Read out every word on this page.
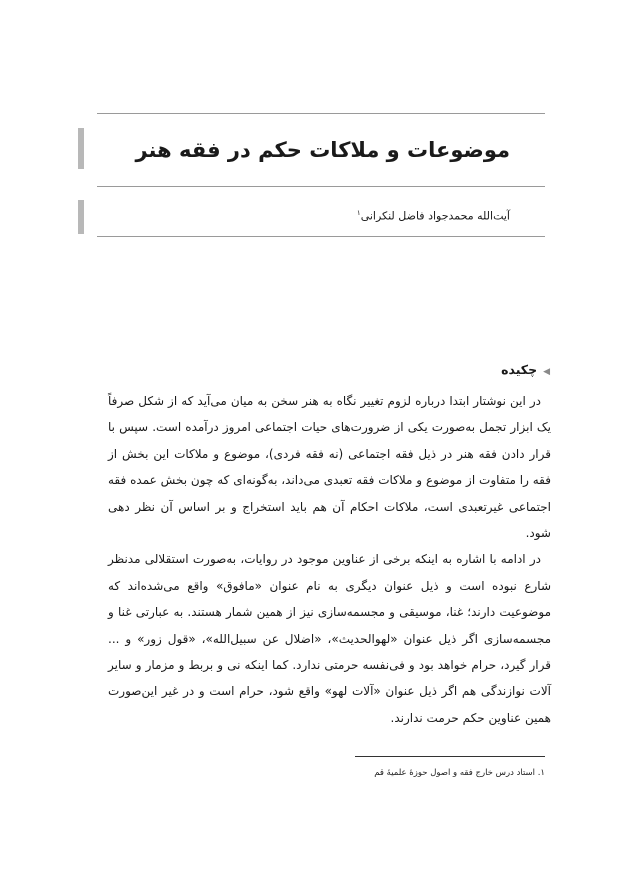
موضوعات و ملاکات حکم در فقه هنر
آیت‌الله محمدجواد فاضل لنکرانی$^۱$
◀چکیده

در این نوشتار ابتدا درباره لزوم تغییر نگاه به هنر سخن به میان می‌آید که از شکل صرفاً یک ابزار تجمل به‌صورت یکی از ضرورت‌های حیات اجتماعی امروز درآمده است. سپس با قرار دادن فقه هنر در ذیل فقه اجتماعی (نه فقه فردی)، موضوع و ملاکات این بخش از فقه را متفاوت از موضوع و ملاکات فقه تعبدی می‌داند، به‌گونه‌ای که چون بخش عمده فقه اجتماعی غیرتعبدی است، ملاکات احکام آن هم باید استخراج و بر اساس آن نظر دهی شود.

در ادامه با اشاره به اینکه برخی از عناوین موجود در روایات، به‌صورت استقلالی مدنظر شارع نبوده است و ذیل عنوان دیگری به نام عنوان «مافوق» واقع می‌شده‌اند که موضوعیت دارند؛ غنا، موسیقی و مجسمه‌سازی نیز از همین شمار هستند. به عبارتی غنا و مجسمه‌سازی اگر ذیل عنوان «لهوالحدیث»، «اضلال عن سبیل‌الله»، «قول زور» و ... قرار گیرد، حرام خواهد بود و فی‌نفسه حرمتی ندارد. کما اینکه نی و بربط و مزمار و سایر آلات نوازندگی هم اگر ذیل عنوان «آلات لهو» واقع شود، حرام است و در غیر این‌صورت همین عناوین حکم حرمت ندارند.

۱. استاد درس خارج فقه و اصول حوزهٔ علمیهٔ قم
